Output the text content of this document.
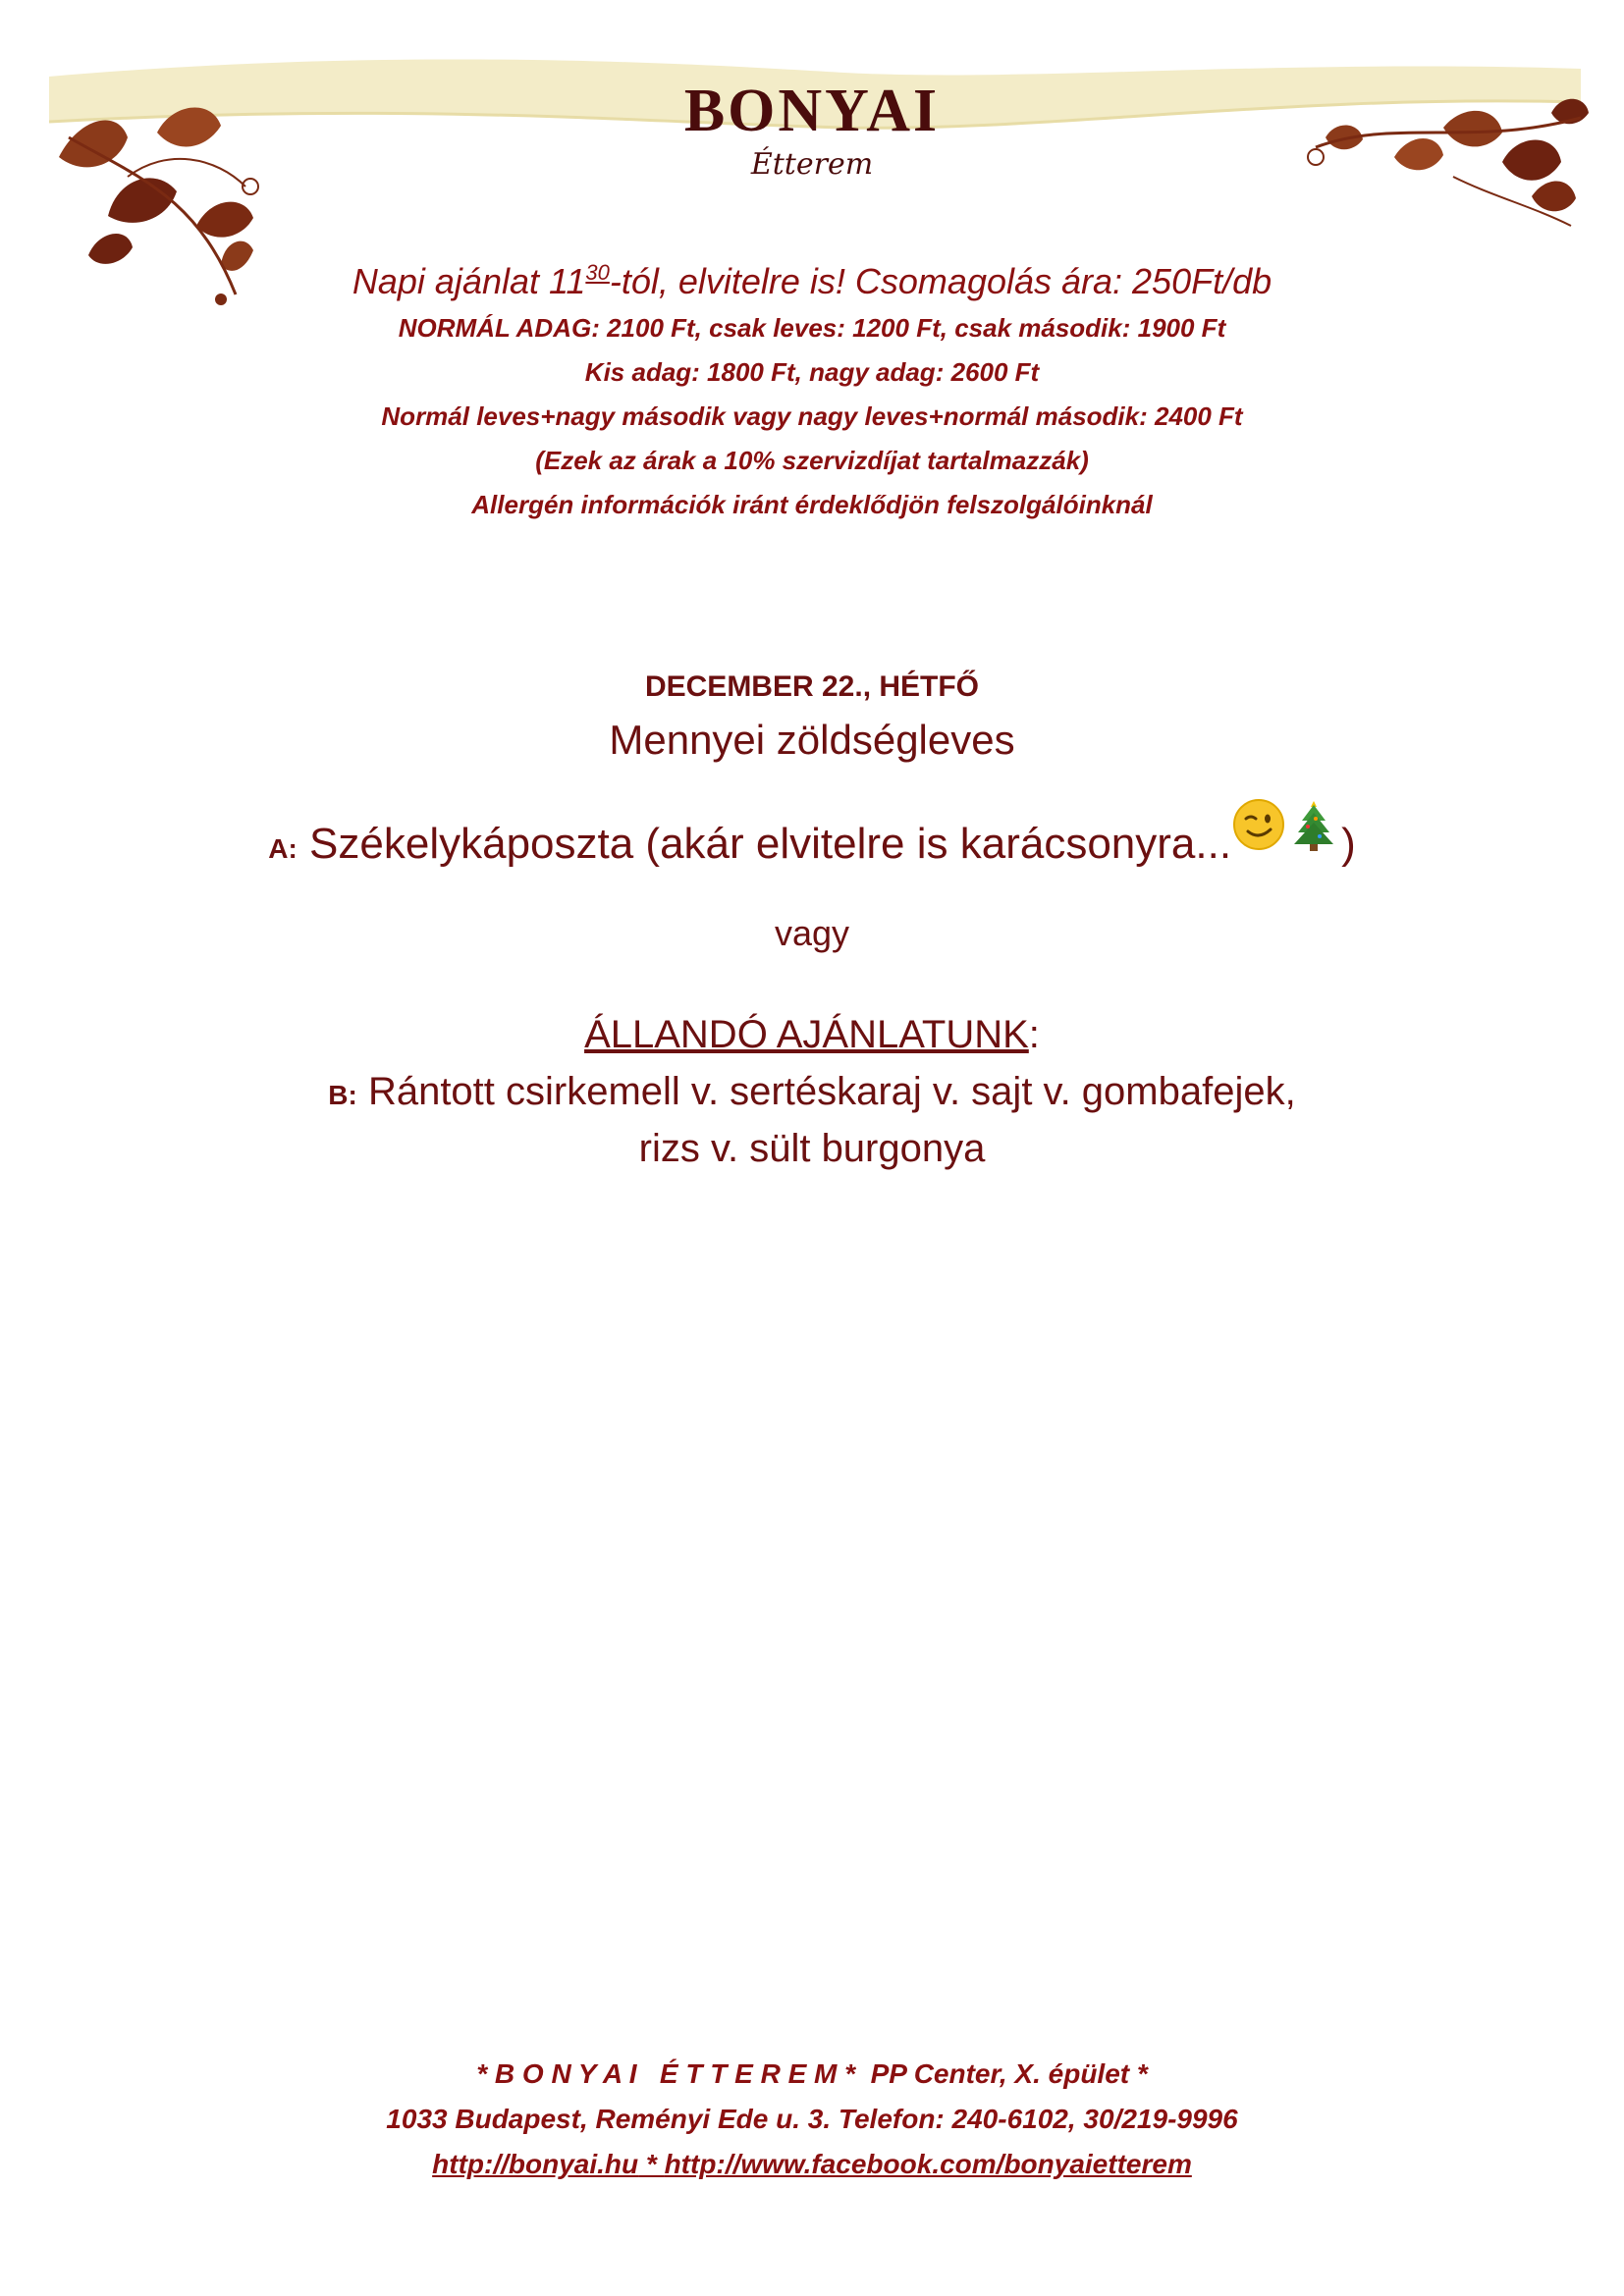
BONYAI
Étterem
Napi ajánlat $11^{30}$-tól, elvitelre is! Csomagolás ára: 250Ft/db
NORMÁL ADAG: 2100 Ft, csak leves: 1200 Ft, csak második: 1900 Ft
Kis adag: 1800 Ft, nagy adag: 2600 Ft
Normál leves+nagy második vagy nagy leves+normál második: 2400 Ft
(Ezek az árak a 10% szervizdíjat tartalmazzák)
Allergén információk iránt érdeklődjön felszolgálóinknál
DECEMBER 22., HÉTFŐ
Mennyei zöldségleves
A: Székelykáposzta (akár elvitelre is karácsonyra...	)
vagy
ÁLLANDÓ AJÁNLATUNK:
B: Rántott csirkemell v. sertéskaraj v. sajt v. gombafejek,
rizs v. sült burgonya
* B O N Y A I   É T T E R E M *  PP Center, X. épület *
1033 Budapest, Reményi Ede u. 3. Telefon: 240-6102, 30/219-9996
http://bonyai.hu * http://www.facebook.com/bonyaietterem
